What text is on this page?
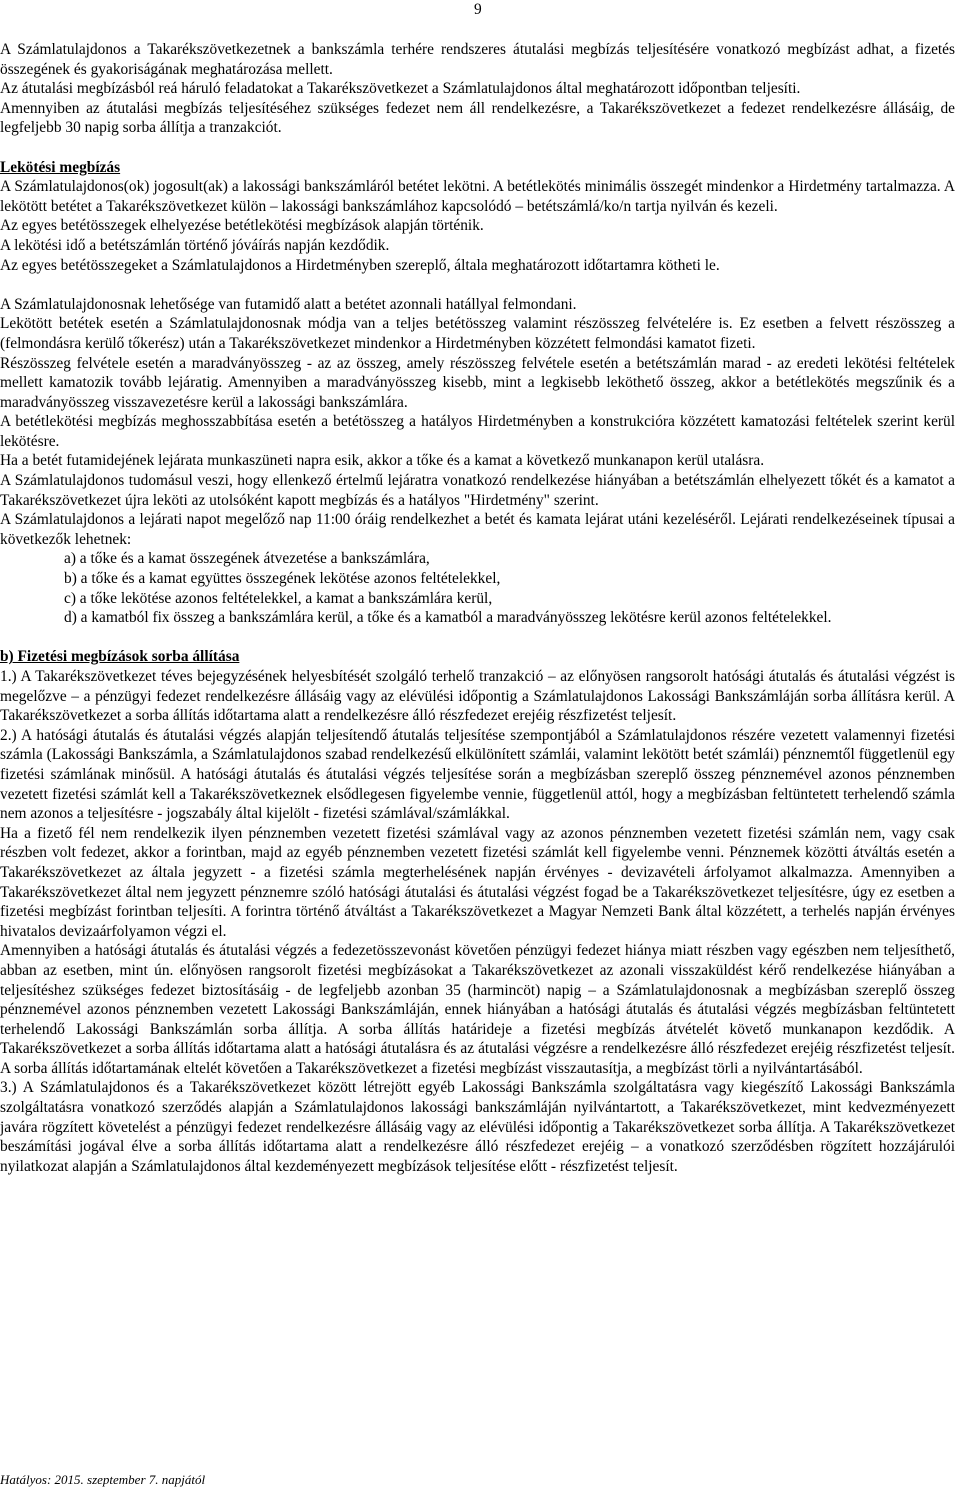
9

A Számlatulajdonos a Takarékszövetkezetnek a bankszámla terhére rendszeres átutalási megbízás teljesítésére vonatkozó megbízást adhat, a fizetés összegének és gyakoriságának meghatározása mellett.

Az átutalási megbízásból reá háruló feladatokat a Takarékszövetkezet a Számlatulajdonos által meghatározott időpontban teljesíti.

Amennyiben az átutalási megbízás teljesítéséhez szükséges fedezet nem áll rendelkezésre, a Takarékszövetkezet a fedezet rendelkezésre állásáig, de legfeljebb 30 napig sorba állítja a tranzakciót.

Lekötési megbízás

A Számlatulajdonos(ok) jogosult(ak) a lakossági bankszámláról betétet lekötni. A betétlekötés minimális összegét mindenkor a Hirdetmény tartalmazza. A lekötött betétet a Takarékszövetkezet külön – lakossági bankszámlához kapcsolódó – betétszámlá/ko/n tartja nyilván és kezeli.

Az egyes betétösszegek elhelyezése betétlekötési megbízások alapján történik.

A lekötési idő a betétszámlán történő jóváírás napján kezdődik.

Az egyes betétösszegeket a Számlatulajdonos a Hirdetményben szereplő, általa meghatározott időtartamra kötheti le.

A Számlatulajdonosnak lehetősége van futamidő alatt a betétet azonnali hatállyal felmondani.

Lekötött betétek esetén a Számlatulajdonosnak módja van a teljes betétösszeg valamint részösszeg felvételére is. Ez esetben a felvett részösszeg a (felmondásra kerülő tőkerész) után a Takarékszövetkezet mindenkor a Hirdetményben közzétett felmondási kamatot fizeti.

Részösszeg felvétele esetén a maradványösszeg - az az összeg, amely részösszeg felvétele esetén a betétszámlán marad - az eredeti lekötési feltételek mellett kamatozik tovább lejáratig. Amennyiben a maradványösszeg kisebb, mint a legkisebb leköthető összeg, akkor a betétlekötés megszűnik és a maradványösszeg visszavezetésre kerül a lakossági bankszámlára.

A betétlekötési megbízás meghosszabbítása esetén a betétösszeg a hatályos Hirdetményben a konstrukcióra közzétett kamatozási feltételek szerint kerül lekötésre.

Ha a betét futamidejének lejárata munkaszüneti napra esik, akkor a tőke és a kamat a következő munkanapon kerül utalásra.

A Számlatulajdonos tudomásul veszi, hogy ellenkező értelmű lejáratra vonatkozó rendelkezése hiányában a betétszámlán elhelyezett tőkét és a kamatot a Takarékszövetkezet újra leköti az utolsóként kapott megbízás és a hatályos "Hirdetmény" szerint.

A Számlatulajdonos a lejárati napot megelőző nap 11:00 óráig rendelkezhet a betét és kamata lejárat utáni kezeléséről. Lejárati rendelkezéseinek típusai a következők lehetnek:

a) a tőke és a kamat összegének átvezetése a bankszámlára,

b) a tőke és a kamat együttes összegének lekötése azonos feltételekkel,

c) a tőke lekötése azonos feltételekkel, a kamat a bankszámlára kerül,

d) a kamatból fix összeg a bankszámlára kerül, a tőke és a kamatból a maradványösszeg lekötésre kerül azonos feltételekkel.

b) Fizetési megbízások sorba állítása

1.) A Takarékszövetkezet téves bejegyzésének helyesbítését szolgáló terhelő tranzakció – az előnyösen rangsorolt hatósági átutalás és átutalási végzést is megelőzve – a pénzügyi fedezet rendelkezésre állásáig vagy az elévülési időpontig a Számlatulajdonos Lakossági Bankszámláján sorba állításra kerül. A Takarékszövetkezet a sorba állítás időtartama alatt a rendelkezésre álló részfedezet erejéig részfizetést teljesít.

2.) A hatósági átutalás és átutalási végzés alapján teljesítendő átutalás teljesítése szempontjából a Számlatulajdonos részére vezetett valamennyi fizetési számla (Lakossági Bankszámla, a Számlatulajdonos szabad rendelkezésű elkülönített számlái, valamint lekötött betét számlái) pénznemtől függetlenül egy fizetési számlának minősül. A hatósági átutalás és átutalási végzés teljesítése során a megbízásban szereplő összeg pénznemével azonos pénznemben vezetett fizetési számlát kell a Takarékszövetkeznek elsődlegesen figyelembe vennie, függetlenül attól, hogy a megbízásban feltüntetett terhelendő számla nem azonos a teljesítésre - jogszabály által kijelölt - fizetési számlával/számlákkal.

Ha a fizető fél nem rendelkezik ilyen pénznemben vezetett fizetési számlával vagy az azonos pénznemben vezetett fizetési számlán nem, vagy csak részben volt fedezet, akkor a forintban, majd az egyéb pénznemben vezetett fizetési számlát kell figyelembe venni. Pénznemek közötti átváltás esetén a Takarékszövetkezet az általa jegyzett - a fizetési számla megterhelésének napján érvényes - devizavételi árfolyamot alkalmazza. Amennyiben a Takarékszövetkezet által nem jegyzett pénznemre szóló hatósági átutalási és átutalási végzést fogad be a Takarékszövetkezet teljesítésre, úgy ez esetben a fizetési megbízást forintban teljesíti. A forintra történő átváltást a Takarékszövetkezet a Magyar Nemzeti Bank által közzétett, a terhelés napján érvényes hivatalos devizaárfolyamon végzi el.

Amennyiben a hatósági átutalás és átutalási végzés a fedezetösszevonást követően pénzügyi fedezet hiánya miatt részben vagy egészben nem teljesíthető, abban az esetben, mint ún. előnyösen rangsorolt fizetési megbízásokat a Takarékszövetkezet az azonali visszaküldést kérő rendelkezése hiányában a teljesítéshez szükséges fedezet biztosításáig - de legfeljebb azonban 35 (harmincöt) napig – a Számlatulajdonosnak a megbízásban szereplő összeg pénznemével azonos pénznemben vezetett Lakossági Bankszámláján, ennek hiányában a hatósági átutalás és átutalási végzés megbízásban feltüntetett terhelendő Lakossági Bankszámlán sorba állítja. A sorba állítás határideje a fizetési megbízás átvételét követő munkanapon kezdődik. A Takarékszövetkezet a sorba állítás időtartama alatt a hatósági átutalásra és az átutalási végzésre a rendelkezésre álló részfedezet erejéig részfizetést teljesít. A sorba állítás időtartamának eltelét követően a Takarékszövetkezet a fizetési megbízást visszautasítja, a megbízást törli a nyilvántartásából.

3.) A Számlatulajdonos és a Takarékszövetkezet között létrejött egyéb Lakossági Bankszámla szolgáltatásra vagy kiegészítő Lakossági Bankszámla szolgáltatásra vonatkozó szerződés alapján a Számlatulajdonos lakossági bankszámláján nyilvántartott, a Takarékszövetkezet, mint kedvezményezett javára rögzített követelést a pénzügyi fedezet rendelkezésre állásáig vagy az elévülési időpontig a Takarékszövetkezet sorba állítja. A Takarékszövetkezet beszámítási jogával élve a sorba állítás időtartama alatt a rendelkezésre álló részfedezet erejéig – a vonatkozó szerződésben rögzített hozzájárulói nyilatkozat alapján a Számlatulajdonos által kezdeményezett megbízások teljesítése előtt - részfizetést teljesít.

Hatályos: 2015. szeptember 7. napjától
